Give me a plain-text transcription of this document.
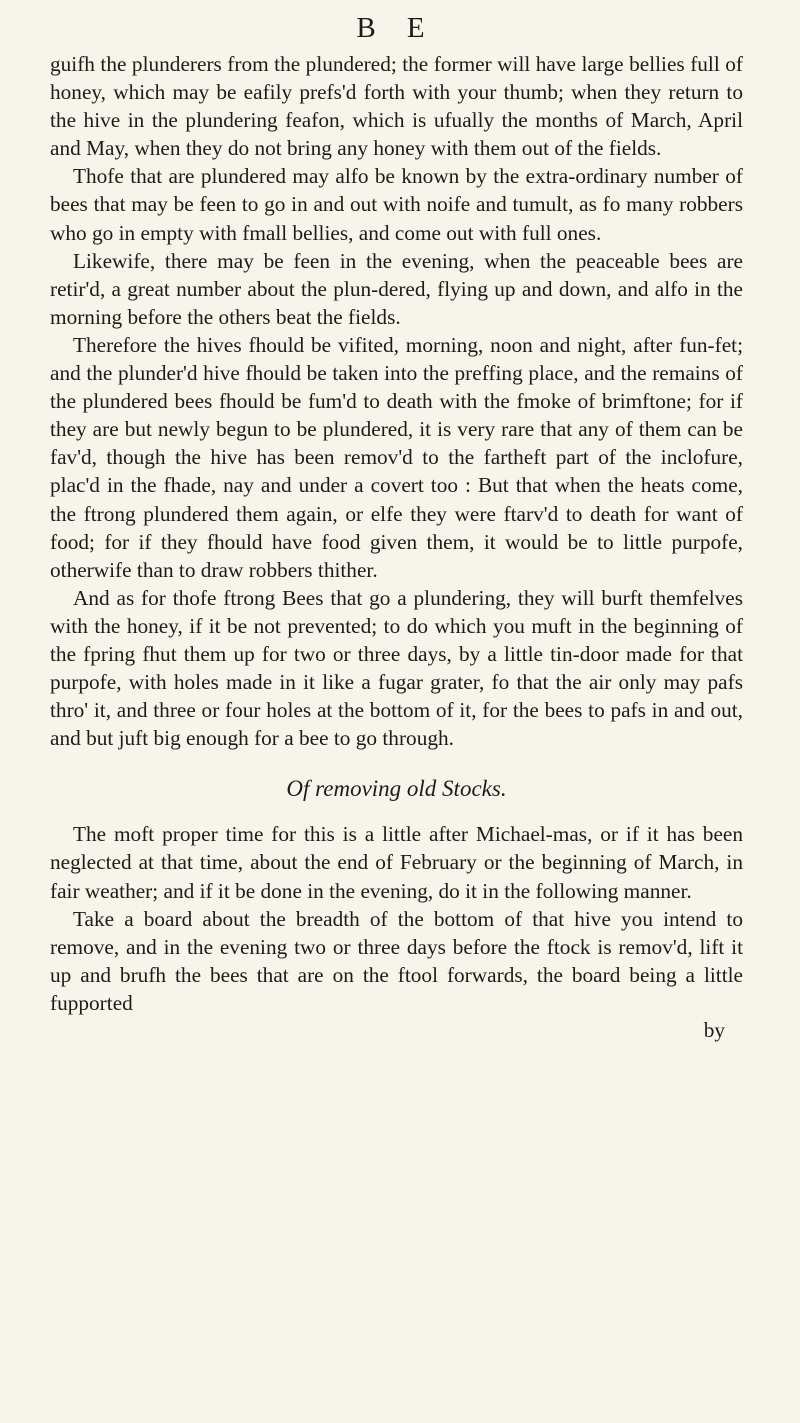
B E

guifh the plunderers from the plundered; the former will have large bellies full of honey, which may be eafily prefs'd forth with your thumb; when they return to the hive in the plundering feafon, which is ufually the months of March, April and May, when they do not bring any honey with them out of the fields.

Thofe that are plundered may alfo be known by the extra-ordinary number of bees that may be feen to go in and out with noife and tumult, as fo many robbers who go in empty with fmall bellies, and come out with full ones.

Likewife, there may be feen in the evening, when the peaceable bees are retir'd, a great number about the plun-dered, flying up and down, and alfo in the morning before the others beat the fields.

Therefore the hives fhould be vifited, morning, noon and night, after fun-fet; and the plunder'd hive fhould be taken into the preffing place, and the remains of the plundered bees fhould be fum'd to death with the fmoke of brimftone; for if they are but newly begun to be plundered, it is very rare that any of them can be fav'd, though the hive has been remov'd to the fartheft part of the inclofure, plac'd in the fhade, nay and under a covert too : But that when the heats come, the ftrong plundered them again, or elfe they were ftarv'd to death for want of food; for if they fhould have food given them, it would be to little purpofe, otherwife than to draw robbers thither.

And as for thofe ftrong Bees that go a plundering, they will burft themfelves with the honey, if it be not prevented; to do which you muft in the beginning of the fpring fhut them up for two or three days, by a little tin-door made for that purpofe, with holes made in it like a fugar grater, fo that the air only may pafs thro' it, and three or four holes at the bottom of it, for the bees to pafs in and out, and but juft big enough for a bee to go through.

Of removing old Stocks.

The moft proper time for this is a little after Michael-mas, or if it has been neglected at that time, about the end of February or the beginning of March, in fair weather; and if it be done in the evening, do it in the following manner.

Take a board about the breadth of the bottom of that hive you intend to remove, and in the evening two or three days before the ftock is remov'd, lift it up and brufh the bees that are on the ftool forwards, the board being a little fupported

by
